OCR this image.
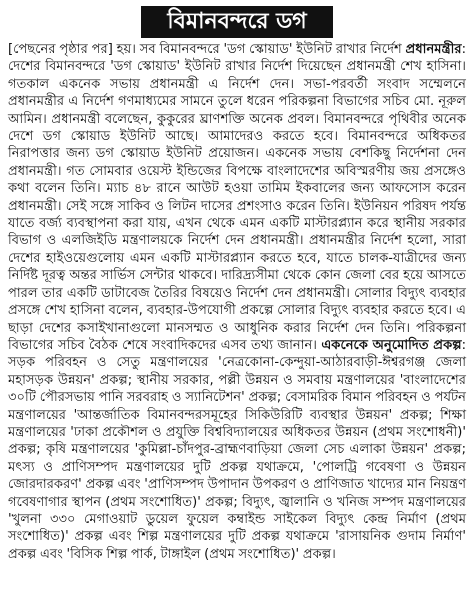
বিমানবন্দরে ডগ

[পেছনের পৃষ্ঠার পর] হয়। সব বিমানবন্দরে 'ডগ স্কোয়াড' ইউনিট রাখার নির্দেশ প্রধানমন্ত্রীর: দেশের বিমানবন্দরে 'ডগ স্কোয়াড' ইউনিট রাখার নির্দেশ দিয়েছেন প্রধানমন্ত্রী শেখ হাসিনা। গতকাল একনেক সভায় প্রধানমন্ত্রী এ নির্দেশ দেন। সভা-পরবর্তী সংবাদ সম্মেলনে প্রধানমন্ত্রীর এ নির্দেশ গণমাধ্যমের সামনে তুলে ধরেন পরিকল্পনা বিভাগের সচিব মো. নূরুল আমিন। প্রধানমন্ত্রী বলেছেন, কুকুরের ঘ্রাণশক্তি অনেক প্রবল। বিমানবন্দরে পৃথিবীর অনেক দেশে ডগ স্কোয়াড ইউনিট আছে। আমাদেরও করতে হবে। বিমানবন্দরে অধিকতর নিরাপত্তার জন্য ডগ স্কোয়াড ইউনিট প্রয়োজন। একনেক সভায় বেশকিছু নির্দেশনা দেন প্রধানমন্ত্রী। গত সোমবার ওয়েস্ট ইন্ডিজের বিপক্ষে বাংলাদেশের অবিস্মরণীয় জয় প্রসঙ্গেও কথা বলেন তিনি। ম্যাচ ৪৮ রানে আউট হওয়া তামিম ইকবালের জন্য আফসোস করেন প্রধানমন্ত্রী। সেই সঙ্গে সাকিব ও লিটন দাসের প্রশংসাও করেন তিনি। ইউনিয়ন পরিষদ পর্যন্ত যাতে বর্জ্য ব্যবস্থাপনা করা যায়, এখন থেকে এমন একটি মাস্টারপ্ল্যান করে স্থানীয় সরকার বিভাগ ও এলজিইডি মন্ত্রণালয়কে নির্দেশ দেন প্রধানমন্ত্রী। প্রধানমন্ত্রীর নির্দেশ হলো, সারা দেশের হাইওয়েগুলোয় এমন একটি মাস্টারপ্ল্যান করতে হবে, যাতে চালক-যাত্রীদের জন্য নির্দিষ্ট দূরত্ব অন্তর সার্ভিস সেন্টার থাকবে। দারিদ্র্যসীমা থেকে কোন জেলা বের হয়ে আসতে পারল তার একটি ডাটাবেজ তৈরির বিষয়েও নির্দেশ দেন প্রধানমন্ত্রী। সোলার বিদ্যুৎ ব্যবহার প্রসঙ্গে শেখ হাসিনা বলেন, ব্যবহার-উপযোগী প্রকল্পে সোলার বিদ্যুৎ ব্যবহার করতে হবে। এ ছাড়া দেশের কসাইখানাগুলো মানসম্মত ও আধুনিক করার নির্দেশ দেন তিনি। পরিকল্পনা বিভাগের সচিব বৈঠক শেষে সংবাদিকদের এসব তথ্য জানান। একনেকে অনুমোদিত প্রকল্প: সড়ক পরিবহন ও সেতু মন্ত্রণালয়ের 'নেত্রকোনা-কেন্দুয়া-আঠারবাড়ী-ঈশ্বরগঞ্জ জেলা মহাসড়ক উন্নয়ন' প্রকল্প; স্থানীয় সরকার, পল্লী উন্নয়ন ও সমবায় মন্ত্রণালয়ের 'বাংলাদেশের ৩০টি পৌরসভায় পানি সরবরাহ ও স্যানিটেশন' প্রকল্প; বেসামরিক বিমান পরিবহন ও পর্যটন মন্ত্রণালয়ের 'আন্তর্জাতিক বিমানবন্দরসমূহের সিকিউরিটি ব্যবস্থার উন্নয়ন' প্রকল্প; শিক্ষা মন্ত্রণালয়ের 'ঢাকা প্রকৌশল ও প্রযুক্তি বিশ্ববিদ্যালয়ের অধিকতর উন্নয়ন (প্রথম সংশোধনী)' প্রকল্প; কৃষি মন্ত্রণালয়ের 'কুমিল্লা-চাঁদপুর-ব্রাহ্মণবাড়িয়া জেলা সেচ এলাকা উন্নয়ন' প্রকল্প; মৎস্য ও প্রাণিসম্পদ মন্ত্রণালয়ের দুটি প্রকল্প যথাক্রমে, 'পোলট্রি গবেষণা ও উন্নয়ন জোরদারকরণ' প্রকল্প এবং 'প্রাণিসম্পদ উপাদান উপকরণ ও প্রাণিজাত খাদ্যের মান নিয়ন্ত্রণ গবেষণাগার স্থাপন (প্রথম সংশোধিত)' প্রকল্প; বিদ্যুৎ, জ্বালানি ও খনিজ সম্পদ মন্ত্রণালয়ের 'খুলনা ৩৩০ মেগাওয়াট ডুয়েল ফুয়েল কম্বাইন্ড সাইকেল বিদ্যুৎ কেন্দ্র নির্মাণ (প্রথম সংশোধিত)' প্রকল্প এবং শিল্প মন্ত্রণালয়ের দুটি প্রকল্প যথাক্রমে 'রাসায়নিক গুদাম নির্মাণ' প্রকল্প এবং 'বিসিক শিল্প পার্ক, টাঙ্গাইল (প্রথম সংশোধিত)' প্রকল্প।
